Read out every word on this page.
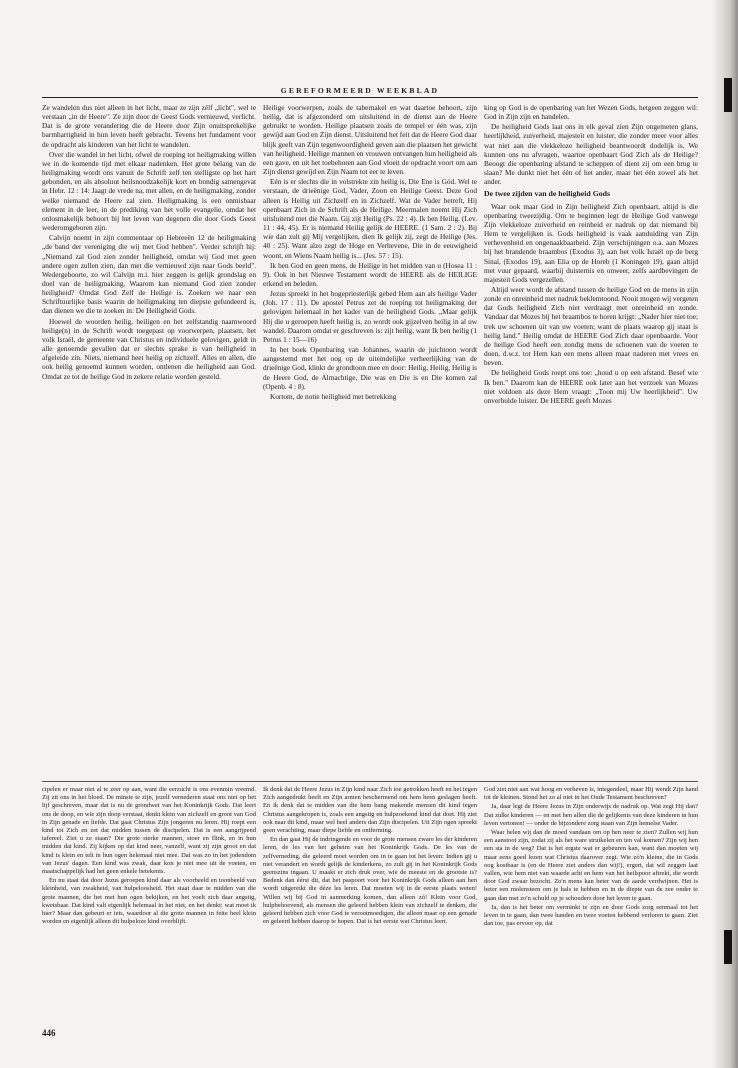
GEREFORMEERD WEEKBLAD

Ze wandelen dus niet alleen in het licht, maar ze zijn zélf „licht", wel te verstaan „in de Heere". Ze zijn door de Geest Gods vernieuwd, verlicht. Dat is de grote verandering die de Heere door Zijn onuitsprekelijke barmhartigheid in hun leven heeft gebracht. Tevens het fundament voor de opdracht als kinderen van het licht te wandelen.

Over die wandel in het licht, ofwel de roeping tot heiligmaking willen we in de komende tijd met elkaar nadenken. Het grote belang van de heiligmaking wordt ons vanuit de Schrift zelf ten stelligste op het hart gebonden, en als absoluut heilsnoodzakelijk kort en bondig samengevat in Hebr. 12 : 14: Jaagt de vrede na, met allen, en de heiligmaking, zonder welke niemand de Heere zal zien. Heiligmaking is een onmisbaar element in de leer, in de prediking van het volle evangelie, omdat het onlosmakelijk behoort bij het leven van degenen die door Gods Geest wederomgeboren zijn.

Calvijn noemt in zijn commentaar op Hebreeën 12 de heiligmaking „de band der vereniging die wij met God hebben". Verder schrijft hij: „Niemand zal God zien zonder heiligheid, omdat wij God met geen andere ogen zullen zien, dan met die vernieuwd zijn naar Gods beeld". Wedergeboorte, zo wil Calvijn m.i. hier zeggen is gelijk grondslag en doel van de heiligmaking. Waarom kan niemand God zien zonder heiligheid? Omdat God Zelf de Heilige is. Zoeken we naar een Schriftuurlijke basis waarin de heiligmaking ten diepste gefundeerd is, dan dienen we die te zoeken in: De Heiligheid Gods.

Hoewel de woorden heilig, heiligen en het zelfstandig naamwoord heilige(n) in de Schrift wordt toegepast op voorwerpen, plaatsen, het volk Israël, de gemeente van Christus en individuele gelovigen, geldt in alle genoemde gevallen dat er slechts sprake is van heiligheid in afgeleide zin. Niets, niemand heet heilig op zichzelf. Alles en allen, die ook heilig genoemd kunnen worden, ontlenen die heiligheid aan God. Omdat ze tot de heilige God in zekere relatie worden gesteld.

Heilige voorwerpen, zoals de tabernakel en wat daartoe behoort, zijn heilig, dat is afgezonderd om uitsluitend in de dienst aan de Heere gebruikt te worden. Heilige plaatsen zoals de tempel er één was, zijn gewijd aan God en Zijn dienst. Uitsluitend het feit dat de Heere God daar blijk geeft van Zijn tegenwoordigheid geven aan die plaatsen het gewicht van heiligheid. Heilige mannen en vrouwen ontvangen hun heiligheid als een gave, en uit het toebehoren aan God vloeit de opdracht voort om aan Zijn dienst gewijd en Zijn Naam tot eer te leven.

Eén is er slechts die in volstrekte zin heilig is, Die Ene is Gód. Wel te verstaan, de drieënige God, Vader, Zoon en Heilige Geest. Deze God alleen is Heilig uit Zichzelf en in Zichzelf. Wat de Vader betreft, Hij openbaart Zich in de Schrift als de Heilige. Meermalen noemt Hij Zich uitsluitend met die Naam. Gij zijt Heilig (Ps. 22 : 4). Ik ben Heilig. (Lev. 11 : 44, 45). Er is niemand Heilig gelijk de HEERE. (1 Sam. 2 : 2). Bij wie dan zult gij Mij vergelijken, dien Ik gelijk zij, zegt de Heilige (Jes. 40 : 25). Want alzo zegt de Hoge en Verhevene, Die in de eeuwigheid woont, en Wiens Naam heilig is... (Jes. 57 : 15).

Ik ben God en geen mens, de Heilige in het midden van u (Hosea 11 : 9). Ook in het Nieuwe Testament wordt de HEERE als de HEILIGE erkend en beleden.

Jezus spreekt in het hogepriesterlijk gebed Hem aan als heilige Vader (Joh. 17 : 11). De apostel Petrus zet de roeping tot heiligmaking der gelovigen helemaal in het kader van de heiligheid Gods. „Maar gelijk Hij die u geroepen heeft heilig is, zo wordt ook gijzelven heilig in al uw wandel. Daarom omdat er geschreven is: zijt heilig, want Ik ben heilig (1 Petrus 1 : 15—16)

In het boek Openbaring van Johannes, waarin de juichtoon wordt aangestemd met het oog op de uiteindelijke verheerlijking van de drieënige God, klinkt de grondtoon mee en door: Heilig, Heilig, Heilig is de Heere God, de Almachtige, Die was en Die is en Die komen zal (Openb. 4 : 8).

Kortom, de notie heiligheid met betrekking

king op God is de openbaring van het Wezen Gods, hetgeen zeggen wil: God in Zijn zijn en handelen.

De heiligheid Gods laat ons in elk geval zien Zijn ongemeten glans, heerlijkheid, zuiverheid, majesteit en luister, die zonder meer voor alles wat niet aan die vlekkeloze heiligheid beantwoordt dodelijk is. We kunnen ons nu afvragen, waartoe openbaart God Zich als de Heilige? Beoogt die openbaring afstand te scheppen of dient zij om een brug te slaan? Me dunkt niet het één of het ander, maar het één zowel als het ander.

De twee zijden van de heiligheid Gods

Waar ook maar God in Zijn heiligheid Zich openbaart, altijd is die openbaring tweezijdig. Om te beginnen legt de Heilige God vanwege Zijn vlekkeloze zuiverheid en reinheid er nadruk op dat niemand bij Hem te vergelijken is. Gods heiligheid is vaak aanduiding van Zijn verhevenheid en ongenaakbaarheid. Zijn verschijningen o.a. aan Mozes bij het brandende braambos (Exodus 3), aan het volk Israël op de berg Sinaï, (Exodus 19), aan Elia op de Horeb (1 Koningen 19), gaan altijd met vuur gepaard, waarbij duisternis en onweer, zelfs aardbevingen de majesteit Gods vergezellen.

Altijd weer wordt de afstand tussen de heilige God en de mens in zijn zonde en onreinheid met nadruk beklemtoond. Nooit mogen wij vergeten dat Gods heiligheid Zich niet verdraagt met onreinheid en zonde. Vandaar dat Mozes bij het braambos te horen krijgt: „Nader hier niet toe; trek uw schoenen uit van uw voeten; want de plaats waarop gij staat is heilig land." Heilig omdat de HEERE God Zich daar openbaarde. Voor de heilige God heeft een zondig mens de schoenen van de voeten te doen, d.w.z. tot Hem kan een mens alleen maar naderen met vrees en beven.

De heiligheid Gods roept ons toe: „houd u op een afstand. Besef wie Ik ben." Daarom kan de HEERE ook later aan het verzoek van Mozes niet voldoen als deze Hem vraagt: „Toon mij Uw heerlijkheid". Uw onverhulde luister. De HEERE geeft Mozes

cipelen er maar niet al te zeer op aan, want die eerzucht is ons evenmin vreemd. Zij zit ons in het bloed. De minste te zijn, jezelf vernederen staat ons niet op het lijf geschreven, maar dat is nu de grondwet van het Koninkrijk Gods. Dat leert ons de doop, en wie zijn doop verstaat, denkt klein van zichzelf en groot van God in Zijn genade en liefde. Dat gaat Christus Zijn jongeren nu leren. Hij roept een kind tot Zich en zet dat midden tussen de discipelen. Dat is een aangrijpend tafereel. Ziet u ze staan? Die grote sterke mannen, stoer en flink, en in hun midden dat kind. Zij kijken op dat kind neer, vanzelf, want zij zijn groot en dat kind is klein en telt in hun ogen helemaal niet mee. Dat was zo in het jodendom van Jezus' dagen. Een kind was zwak, daar kon je niet mee uit de voeten, en maatschappelijk had het geen enkele betekenis.

En nu staat dat door Jezus geroepen kind daar als voorbeeld en toonbeeld van kleinheid, van zwakheid, van hulpeloosheid. Het staat daar te midden van die grote mannen, die het met hun ogen bekijken, en het voelt zich daar angstig, kwetsbaar. Dat kind valt eigenlijk helemaal in het niet, en het denkt: wat moet ik hier? Maar dan gebeurt er iets, waardoor al die grote mannen in feite heel klein worden en eigenlijk alleen dit hulpeloze kind overblijft.

Ik denk dat de Heere Jezus in Zijn kind naar Zich toe getrokken heeft en het tegen Zich aangedrukt heeft en Zijn armen beschermend om hem heen geslagen heeft. En ik denk dat te midden van die hem bang makende mensen dit kind tegen Christus aangekropen is, zoals een angstig en hulpzoekend kind dat doet. Hij ziet ook naar dit kind, maar wel heel anders dan Zijn discipelen. Uit Zijn ogen spreekt geen verachting, maar diepe liefde en ontferming.

En dan gaat Hij de indringende en voor de grote mensen zware les der kinderen leren, de les van het geheim van het Koninkrijk Gods. De les van de zelfverneding, die geleerd moet worden om in te gaan tot het leven: Indien gij u niet verandert en wordt gelijk de kinderkens, zo zult gij in het Koninkrijk Gods geenszins ingaan. U maakt er zich druk over, wie de meeste en de grootste is? Bedenk dan éérst dit, dat het paspoort voor het Koninkrijk Gods alleen aan hen wordt uitgereikt die déze les leren. Dat moeten wij in de eerste plaats weten! Willen wij bij God in aanmerking komen, dan alleen zó! Klein voor God, hulpbehoevend, als mensen die geleerd hebben klein van zichzelf te denken, die geleerd hebben zich voor God te verootmoedigen, die alleen maar op een genade en geleerd hebben daarop te hopen. Dat is het eerste wat Christus leert.

God ziet niet aan wat hoog en verheven is, integendeel, maar Hij wendt Zijn hand tot de kleinen. Stond het zo al niet in het Oude Testament beschreven?

Ja, daar legt de Heere Jezus in Zijn onderwijs de nadruk op. Wat zegt Hij dan? Dat zulke kinderen — en met hen allen die de gelijkenis van deze kinderen in hun leven vertonen! — onder de bijzondere zorg staan van Zijn hemelse Vader.

Waar helen wij dan de moed vandaan om op hen neer te zien? Zullen wij hun een aanstoot zijn, zodat zij als het ware struikelen en ten val komen? Zijn wij hen een sta in de weg? Dat is het ergste wat er gebeuren kan, want dan moeten wij maar eens goed lezen wat Christus daarover zegt. Wie zó'n kleine, die in Gods oog kostbaar is (en de Heere ziet anders dan wij!), ergert, dat wil zeggen laat vallen, wie hem niet van waarde acht en hem van het heilspoor aftrekt, die wordt door God zwaar bezocht. Zo'n mens kan beter van de aarde verdwijnen. Het is beter een molensteen om je hals te hebben en in de diepte van de zee onder te gaan dan met zo'n schuld op je schouders door het leven te gaan.

Ja, dan is het beter om verminkt te zijn en door Gods zorg eenmaal tot het leven in te gaan, dan twee handen en twee voeten hebbend verloren te gaan. Ziet dan toe, pas ervoor op, dat

446
